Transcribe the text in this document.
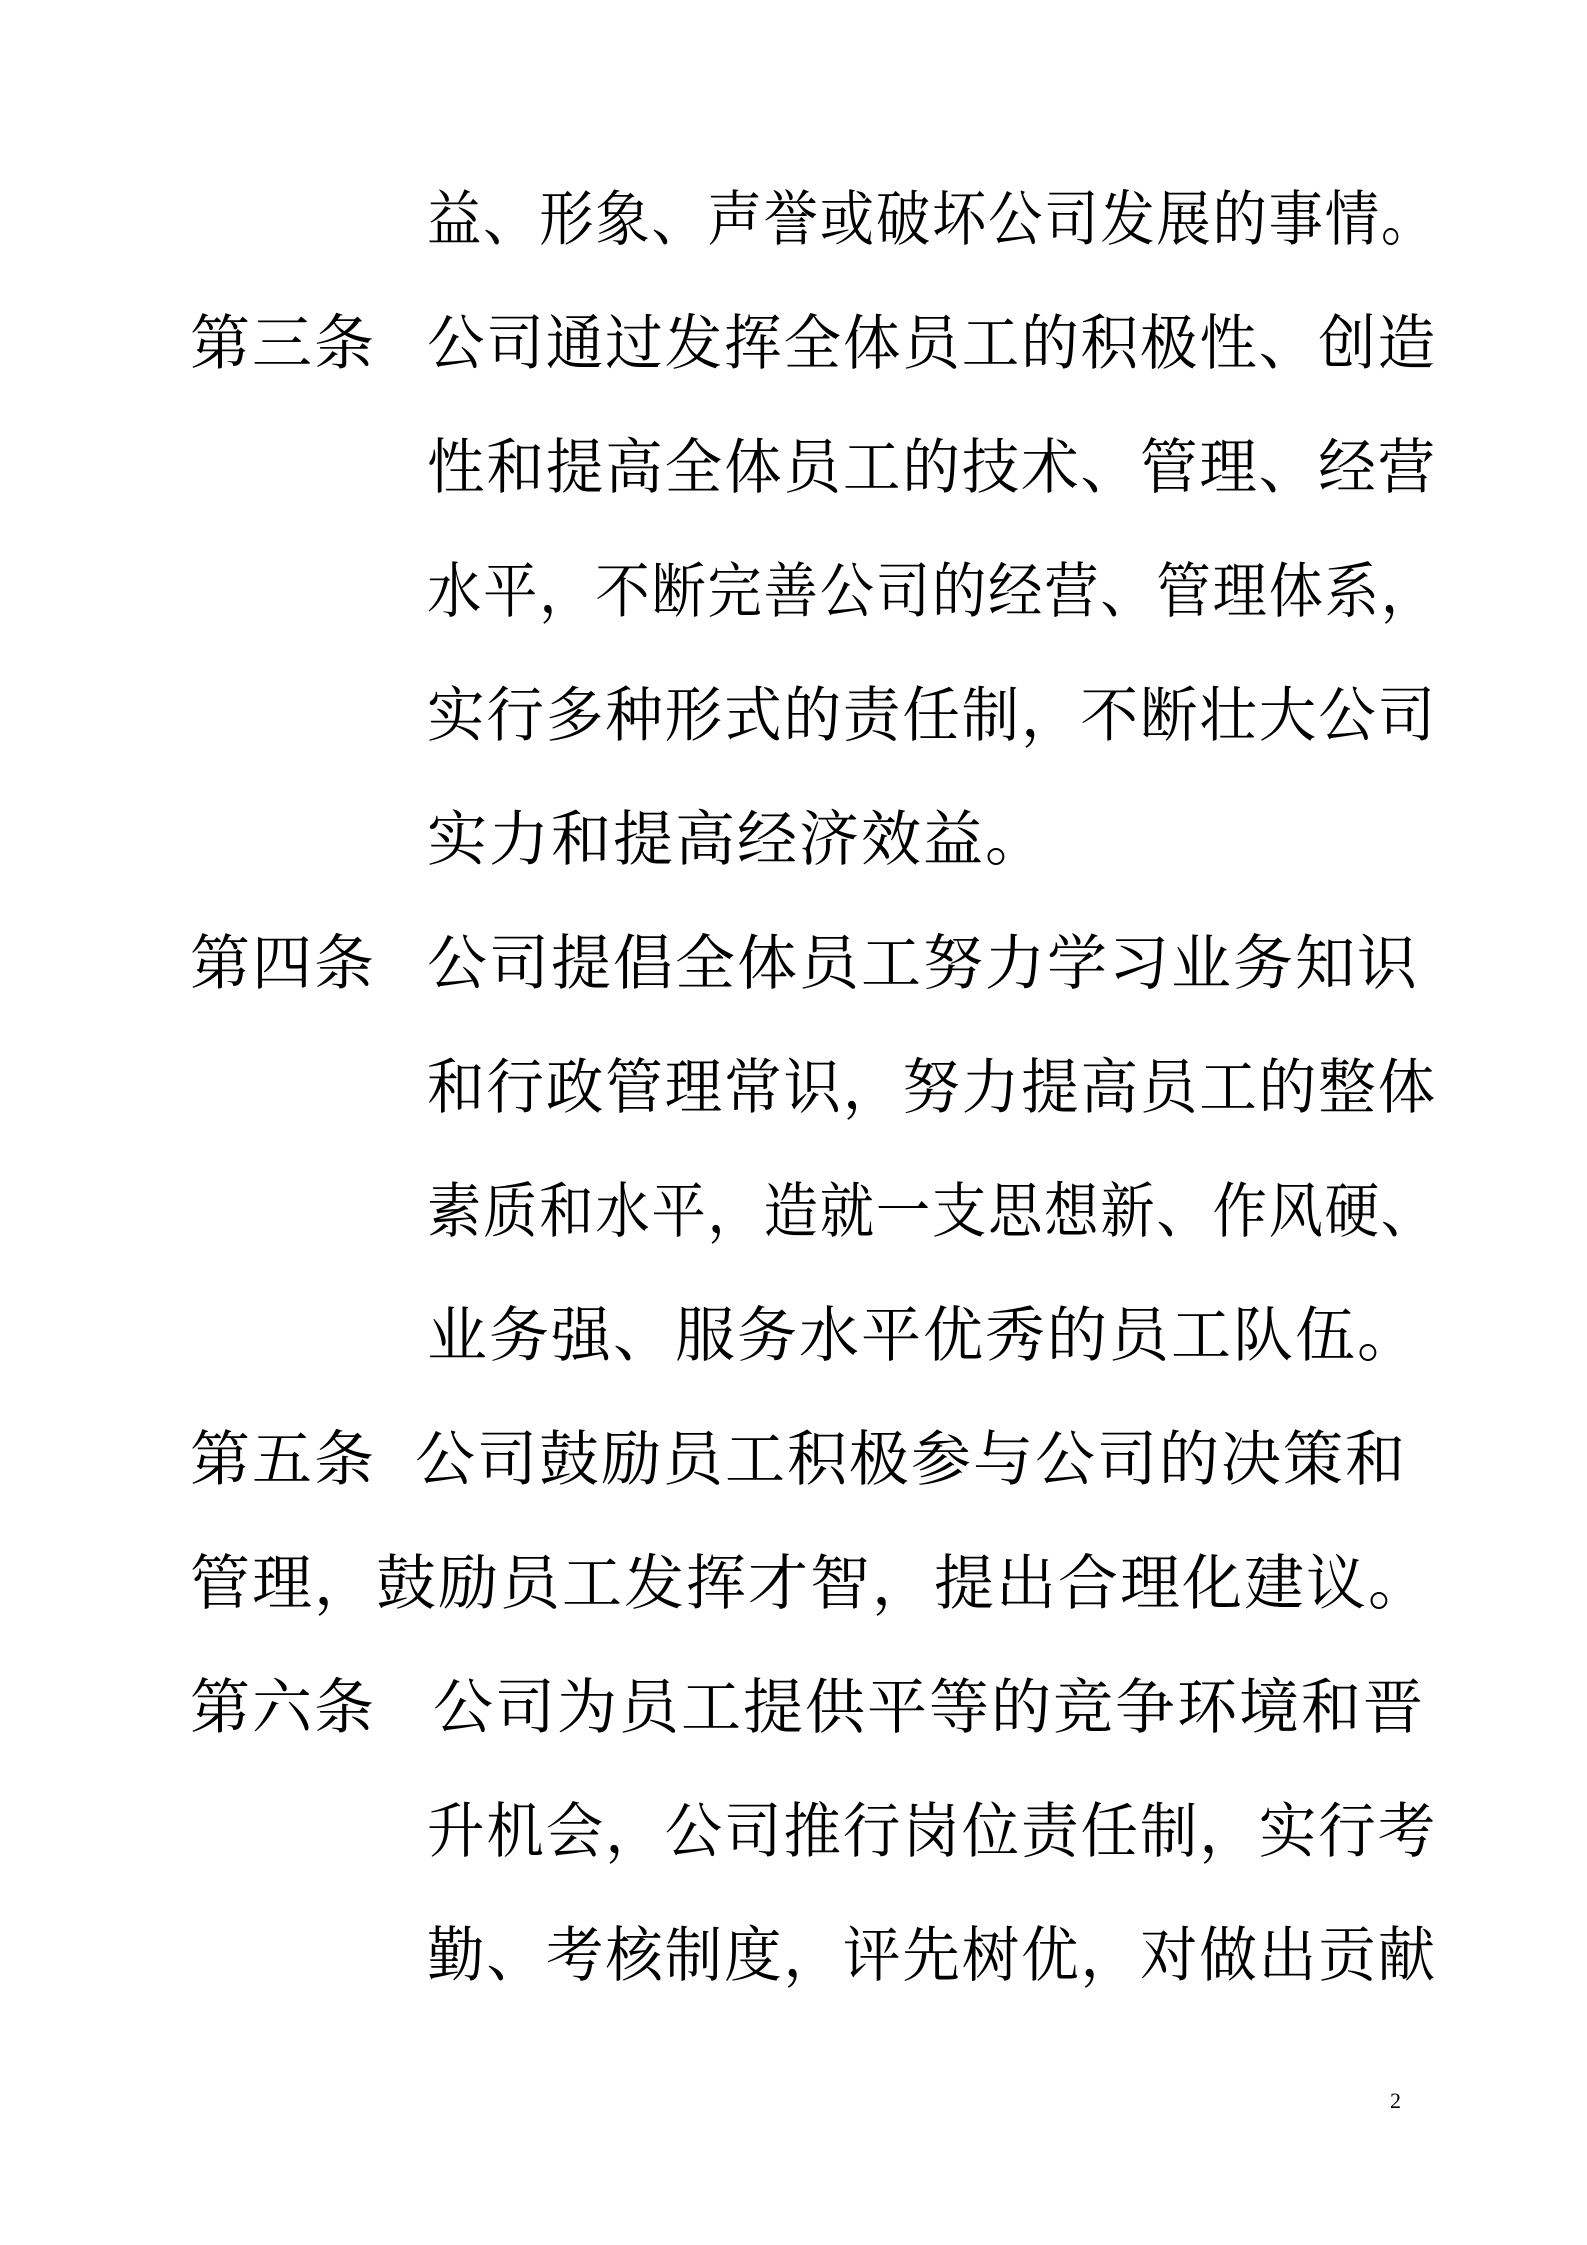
益、形象、声誉或破坏公司发展的事情。
第三条 公司通过发挥全体员工的积极性、创造
性和提高全体员工的技术、管理、经营
水平，不断完善公司的经营、管理体系，
实行多种形式的责任制，不断壮大公司
实力和提高经济效益。
第四条 公司提倡全体员工努力学习业务知识
和行政管理常识，努力提高员工的整体
素质和水平，造就一支思想新、作风硬、
业务强、服务水平优秀的员工队伍。
第五条 公司鼓励员工积极参与公司的决策和
管理，鼓励员工发挥才智，提出合理化建议。
第六条 公司为员工提供平等的竞争环境和晋
升机会，公司推行岗位责任制，实行考
勤、考核制度，评先树优，对做出贡献
2
